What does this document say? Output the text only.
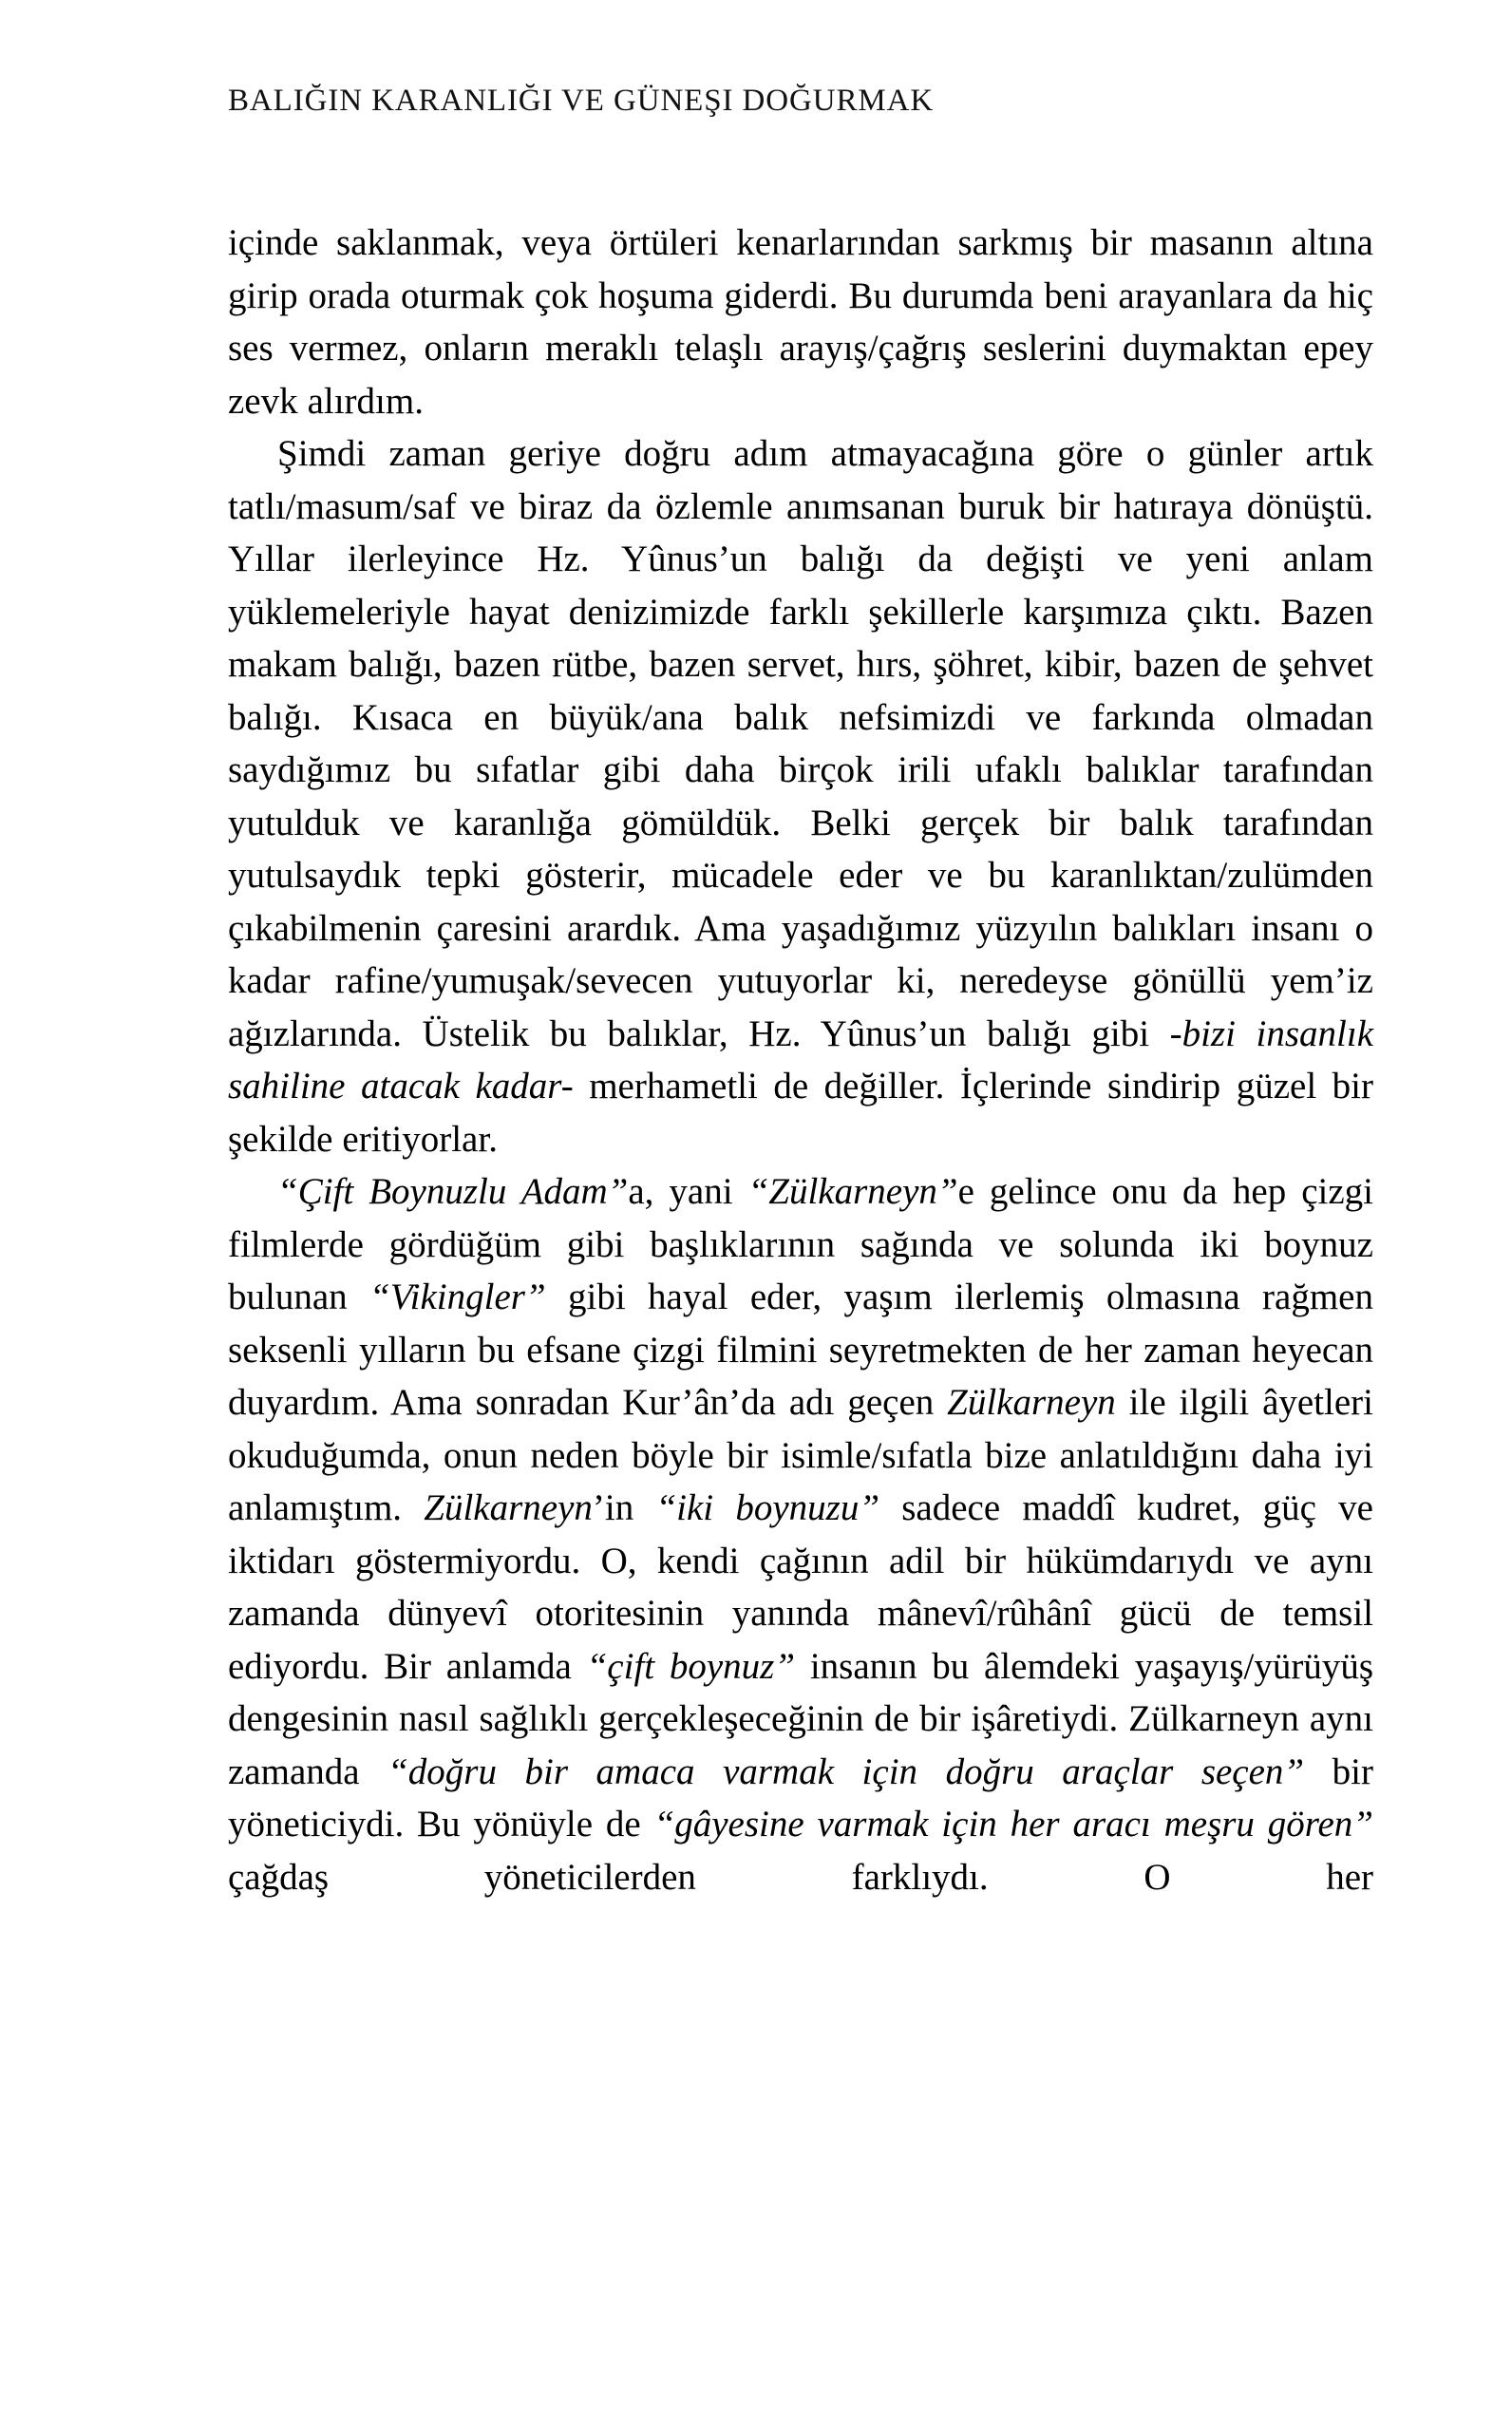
BALIĞIN KARANLIĞI VE GÜNEŞI DOĞURMAK

içinde saklanmak, veya örtüleri kenarlarından sarkmış bir masanın altına girip orada oturmak çok hoşuma giderdi. Bu durumda beni arayanlara da hiç ses vermez, onların meraklı telaşlı arayış/çağrış seslerini duymaktan epey zevk alırdım.

Şimdi zaman geriye doğru adım atmayacağına göre o günler artık tatlı/masum/saf ve biraz da özlemle anımsanan buruk bir hatıraya dönüştü. Yıllar ilerleyince Hz. Yûnus’un balığı da değişti ve yeni anlam yüklemeleriyle hayat denizimizde farklı şekillerle karşımıza çıktı. Bazen makam balığı, bazen rütbe, bazen servet, hırs, şöhret, kibir, bazen de şehvet balığı. Kısaca en büyük/ana balık nefsimizdi ve farkında olmadan saydığımız bu sıfatlar gibi daha birçok irili ufaklı balıklar tarafından yutulduk ve karanlığa gömüldük. Belki gerçek bir balık tarafından yutulsaydık tepki gösterir, mücadele eder ve bu karanlıktan/zulümden çıkabilmenin çaresini arardık. Ama yaşadığımız yüzyılın balıkları insanı o kadar rafine/yumuşak/sevecen yutuyorlar ki, neredeyse gönüllü yem’iz ağızlarında. Üstelik bu balıklar, Hz. Yûnus’un balığı gibi -bizi insanlık sahiline atacak kadar- merhametli de değiller. İçlerinde sindirip güzel bir şekilde eritiyorlar.

“Çift Boynuzlu Adam”a, yani “Zülkarneyn”e gelince onu da hep çizgi filmlerde gördüğüm gibi başlıklarının sağında ve solunda iki boynuz bulunan “Vikingler” gibi hayal eder, yaşım ilerlemiş olmasına rağmen seksenli yılların bu efsane çizgi filmini seyretmekten de her zaman heyecan duyardım. Ama sonradan Kur’ân’da adı geçen Zülkarneyn ile ilgili âyetleri okuduğumda, onun neden böyle bir isimle/sıfatla bize anlatıldığını daha iyi anlamıştım. Zülkarneyn’in “iki boynuzu” sadece maddî kudret, güç ve iktidarı göstermiyordu. O, kendi çağının adil bir hükümdarıydı ve aynı zamanda dünyevî otoritesinin yanında mânevî/rûhânî gücü de temsil ediyordu. Bir anlamda “çift boynuz” insanın bu âlemdeki yaşayış/yürüyüş dengesinin nasıl sağlıklı gerçekleşeceğinin de bir işâretiydi. Zülkarneyn aynı zamanda “doğru bir amaca varmak için doğru araçlar seçen” bir yöneticiydi. Bu yönüyle de “gâyesine varmak için her aracı meşru gören” çağdaş yöneticilerden farklıydı. O her
